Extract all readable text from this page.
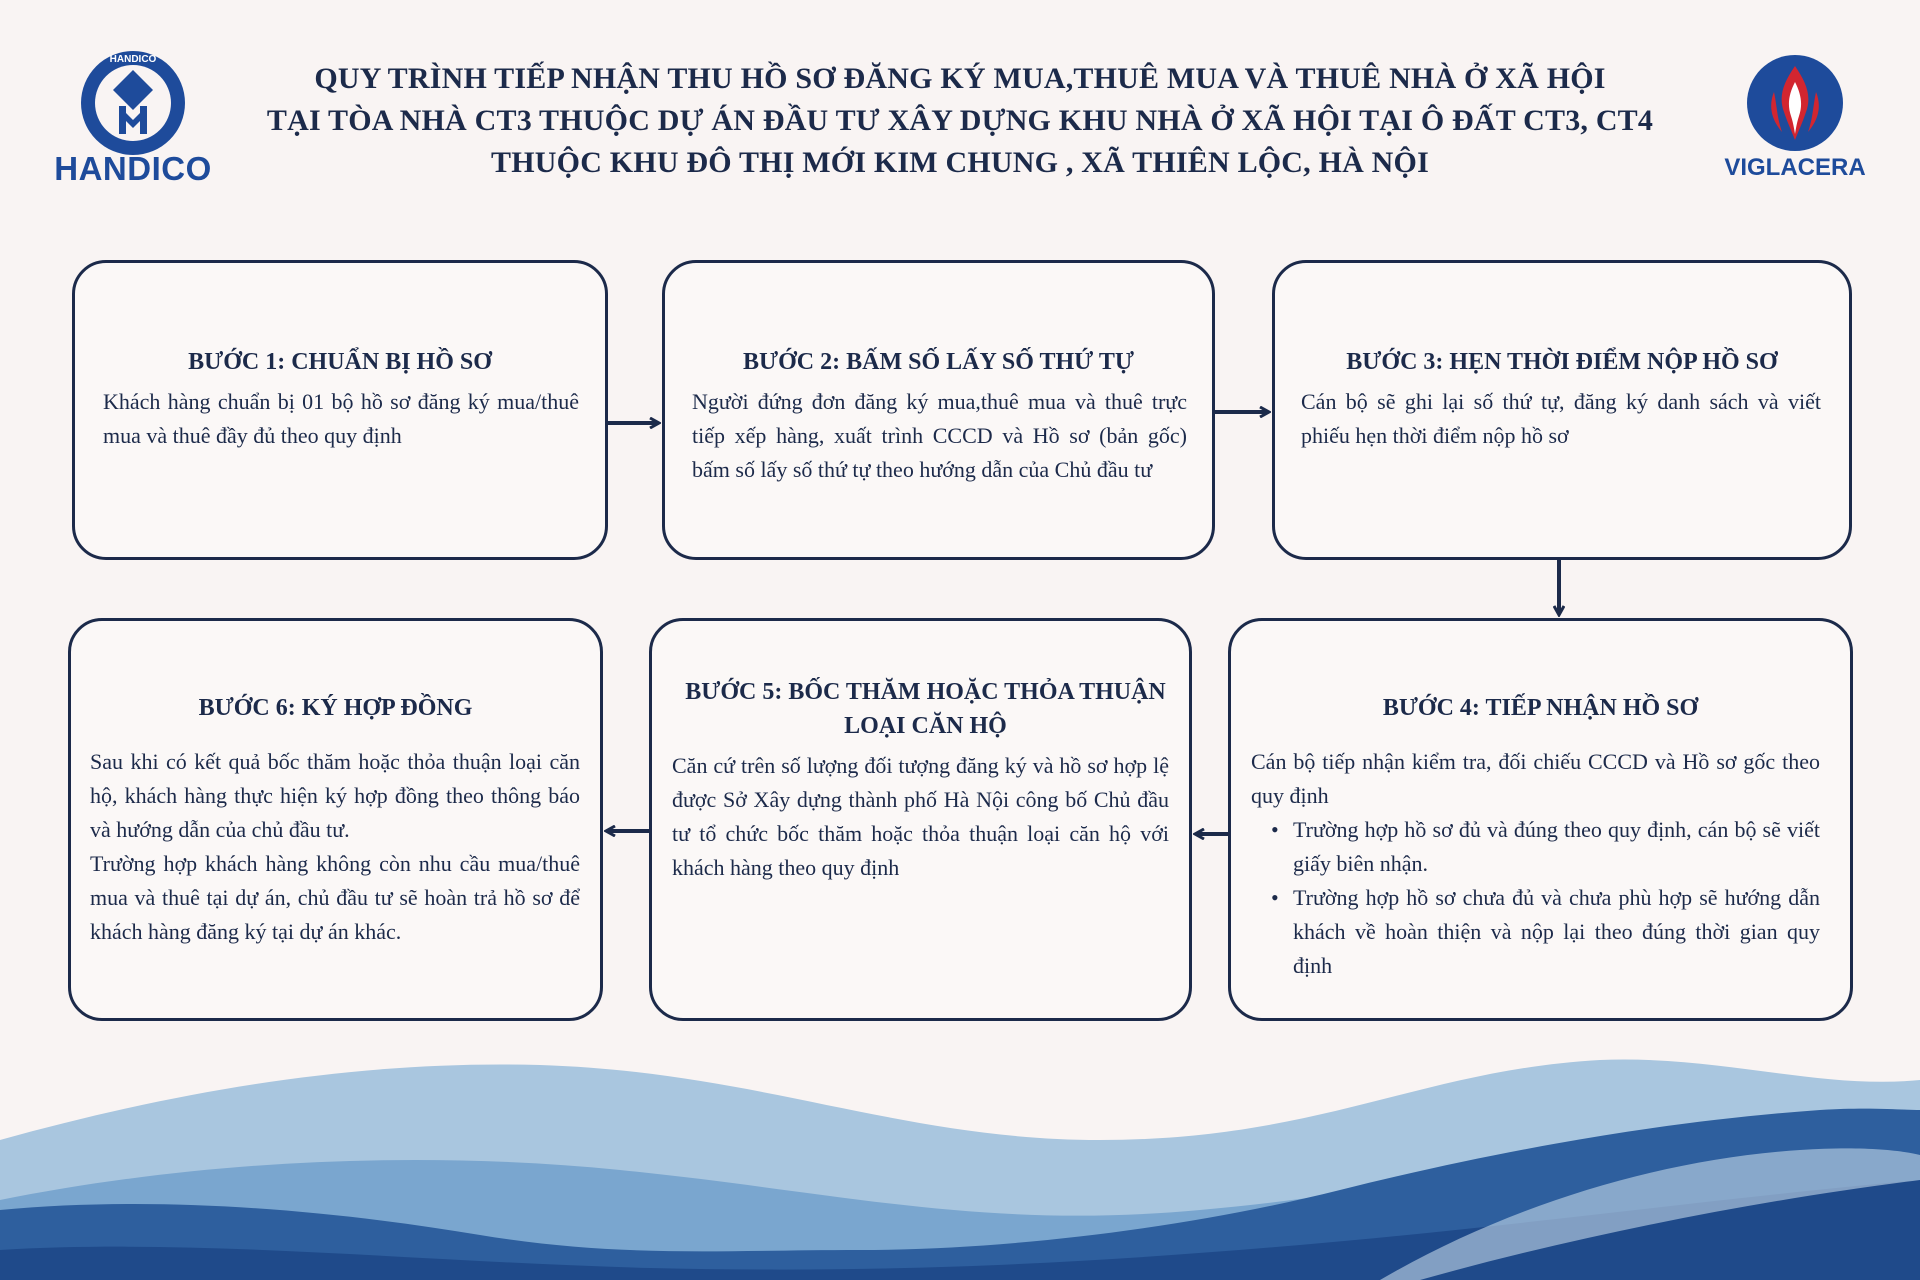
QUY TRÌNH TIẾP NHẬN THU HỒ SƠ ĐĂNG KÝ MUA,THUÊ MUA VÀ THUÊ NHÀ Ở XÃ HỘI
TẠI TÒA NHÀ CT3 THUỘC DỰ ÁN ĐẦU TƯ XÂY DỰNG KHU NHÀ Ở XÃ HỘI TẠI Ô ĐẤT CT3, CT4
THUỘC KHU ĐÔ THỊ MỚI KIM CHUNG , XÃ THIÊN LỘC, HÀ NỘI
HANDICO
HANDICO	VIGLACERA
BƯỚC 1: CHUẨN BỊ HỒ SƠ
Khách hàng chuẩn bị 01 bộ hồ sơ đăng ký mua/thuê mua và thuê đầy đủ theo quy định
BƯỚC 2: BẤM SỐ LẤY SỐ THỨ TỰ
Người đứng đơn đăng ký mua,thuê mua và thuê trực tiếp xếp hàng, xuất trình CCCD và Hồ sơ (bản gốc) bấm số lấy số thứ tự theo hướng dẫn của Chủ đầu tư
BƯỚC 3: HẸN THỜI ĐIỂM NỘP HỒ SƠ
Cán bộ sẽ ghi lại số thứ tự, đăng ký danh sách và viết phiếu hẹn thời điểm nộp hồ sơ
BƯỚC 4: TIẾP NHẬN HỒ SƠ

Cán bộ tiếp nhận kiểm tra, đối chiếu CCCD và Hồ sơ gốc theo quy định

• Trường hợp hồ sơ đủ và đúng theo quy định, cán bộ sẽ viết giấy biên nhận.
• Trường hợp hồ sơ chưa đủ và chưa phù hợp sẽ hướng dẫn khách về hoàn thiện và nộp lại theo đúng thời gian quy định
BƯỚC 5: BỐC THĂM HOẶC THỎA THUẬN
LOẠI CĂN HỘ
Căn cứ trên số lượng đối tượng đăng ký và hồ sơ hợp lệ được Sở Xây dựng thành phố Hà Nội công bố Chủ đầu tư tổ chức bốc thăm hoặc thỏa thuận loại căn hộ với khách hàng theo quy định
BƯỚC 6: KÝ HỢP ĐỒNG

Sau khi có kết quả bốc thăm hoặc thỏa thuận loại căn hộ, khách hàng thực hiện ký hợp đồng theo thông báo và hướng dẫn của chủ đầu tư.

Trường hợp khách hàng không còn nhu cầu mua/thuê mua và thuê tại dự án, chủ đầu tư sẽ hoàn trả hồ sơ để khách hàng đăng ký tại dự án khác.
